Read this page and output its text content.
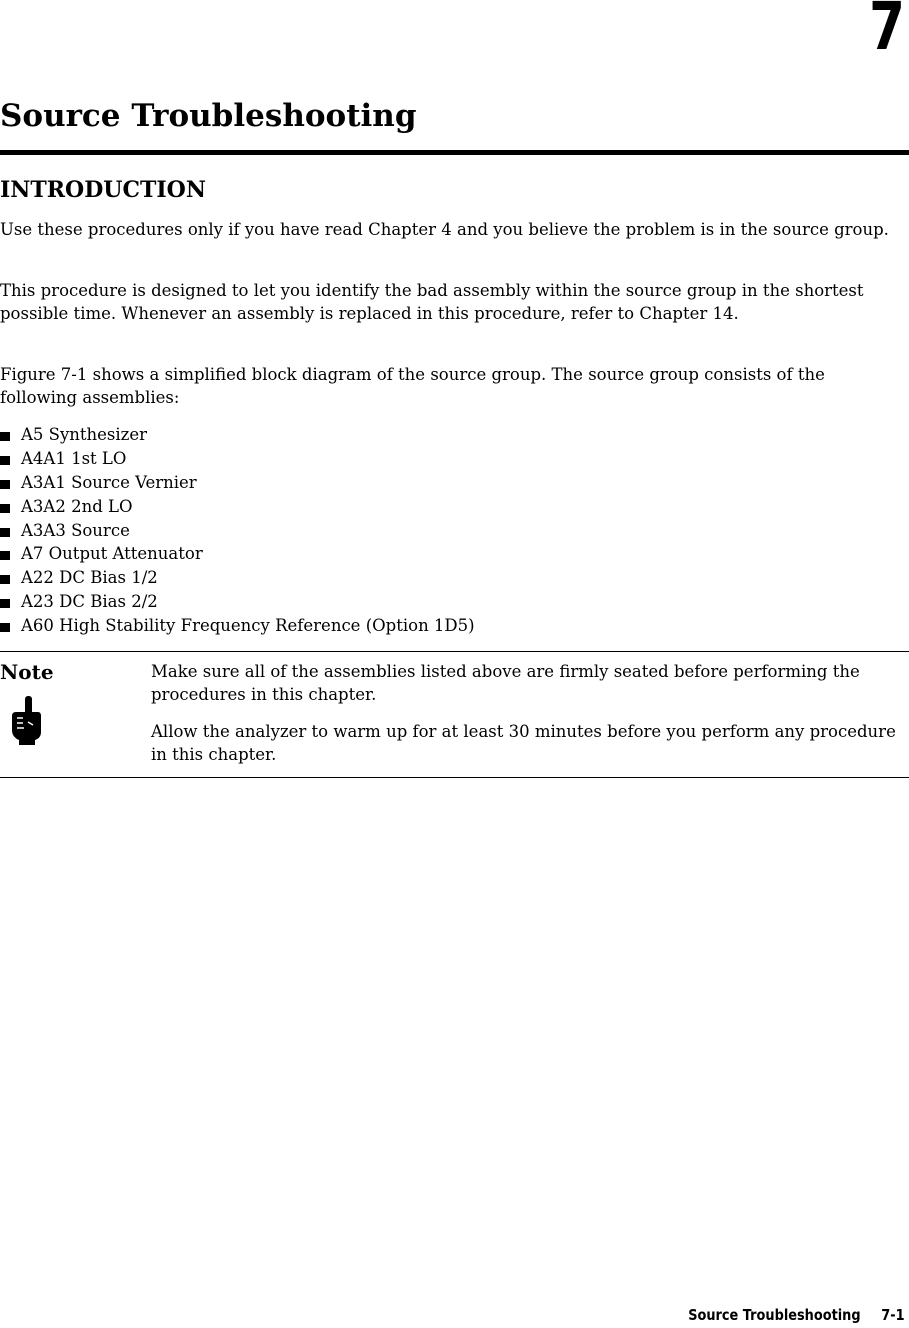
7
Source Troubleshooting
INTRODUCTION

Use these procedures only if you have read Chapter 4 and you believe the problem is in the source group.

This procedure is designed to let you identify the bad assembly within the source group in the shortest possible time. Whenever an assembly is replaced in this procedure, refer to Chapter 14.

Figure 7-1 shows a simplified block diagram of the source group. The source group consists of the following assemblies:

A5 Synthesizer
A4A1 1st LO
A3A1 Source Vernier
A3A2 2nd LO
A3A3 Source
A7 Output Attenuator
A22 DC Bias 1/2
A23 DC Bias 2/2
A60 High Stability Frequency Reference (Option 1D5)
Note	Make sure all of the assemblies listed above are firmly seated before performing the procedures in this chapter.

Allow the analyzer to warm up for at least 30 minutes before you perform any procedure in this chapter.

Source Troubleshooting 7-1
